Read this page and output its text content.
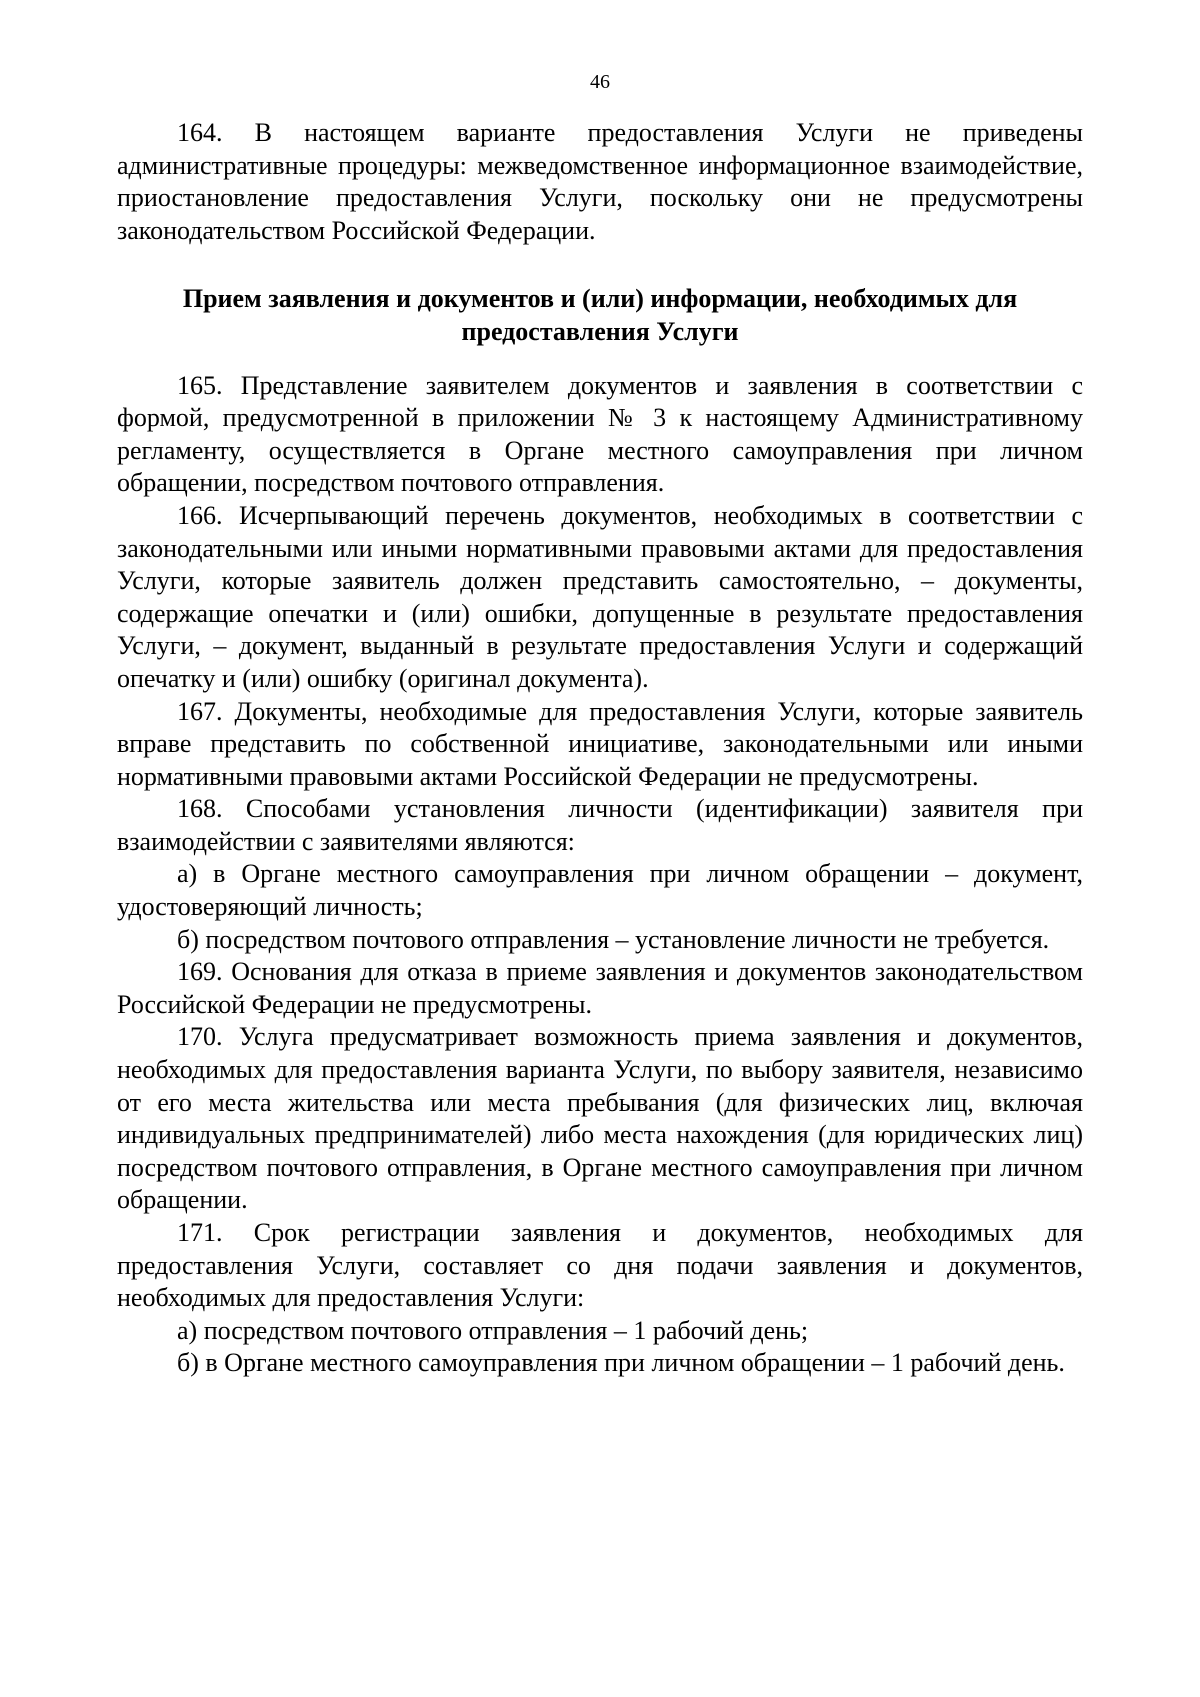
46

164. В настоящем варианте предоставления Услуги не приведены административные процедуры: межведомственное информационное взаимодействие, приостановление предоставления Услуги, поскольку они не предусмотрены законодательством Российской Федерации.

Прием заявления и документов и (или) информации, необходимых для
предоставления Услуги

165. Представление заявителем документов и заявления в соответствии с формой, предусмотренной в приложении № 3 к настоящему Административному регламенту, осуществляется в Органе местного самоуправления при личном обращении, посредством почтового отправления.

166. Исчерпывающий перечень документов, необходимых в соответствии с законодательными или иными нормативными правовыми актами для предоставления Услуги, которые заявитель должен представить самостоятельно, – документы, содержащие опечатки и (или) ошибки, допущенные в результате предоставления Услуги, – документ, выданный в результате предоставления Услуги и содержащий опечатку и (или) ошибку (оригинал документа).

167. Документы, необходимые для предоставления Услуги, которые заявитель вправе представить по собственной инициативе, законодательными или иными нормативными правовыми актами Российской Федерации не предусмотрены.

168. Способами установления личности (идентификации) заявителя при взаимодействии с заявителями являются:

а) в Органе местного самоуправления при личном обращении – документ, удостоверяющий личность;

б) посредством почтового отправления – установление личности не требуется.

169. Основания для отказа в приеме заявления и документов законодательством Российской Федерации не предусмотрены.

170. Услуга предусматривает возможность приема заявления и документов, необходимых для предоставления варианта Услуги, по выбору заявителя, независимо от его места жительства или места пребывания (для физических лиц, включая индивидуальных предпринимателей) либо места нахождения (для юридических лиц) посредством почтового отправления, в Органе местного самоуправления при личном обращении.

171. Срок регистрации заявления и документов, необходимых для предоставления Услуги, составляет со дня подачи заявления и документов, необходимых для предоставления Услуги:

а) посредством почтового отправления – 1 рабочий день;

б) в Органе местного самоуправления при личном обращении – 1 рабочий день.
